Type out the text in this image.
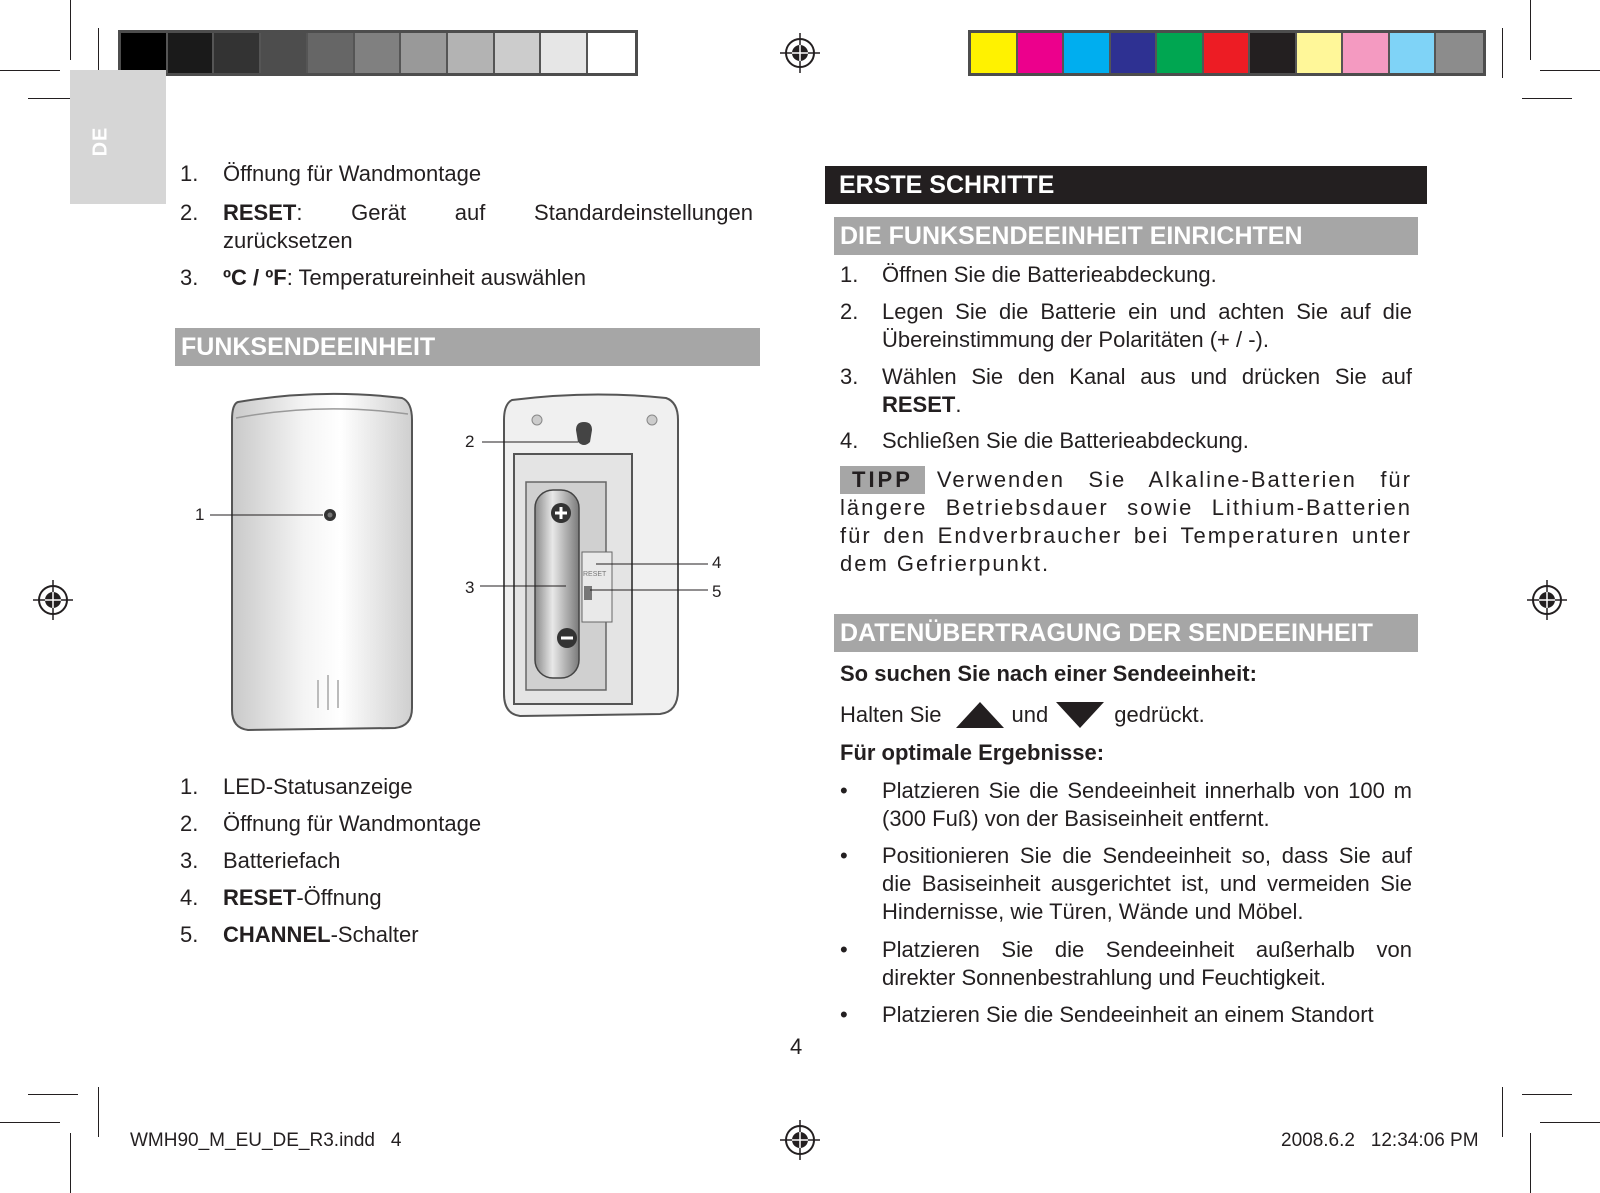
DE
1.	Öffnung für Wandmontage
2.	RESET: Gerät auf Standardeinstellungen zurücksetzen
3.	ºC / ºF: Temperatureinheit auswählen
FUNKSENDEEINHEIT
RESET
1
2
3
4
5
1.	LED-Statusanzeige
2.	Öffnung für Wandmontage
3.	Batteriefach
4.	RESET-Öffnung
5.	CHANNEL-Schalter
ERSTE SCHRITTE
DIE FUNKSENDEEINHEIT EINRICHTEN
1.	Öffnen Sie die Batterieabdeckung.
2.	Legen Sie die Batterie ein und achten Sie auf die Übereinstimmung der Polaritäten (+ / -).
3.	Wählen Sie den Kanal aus und drücken Sie auf RESET.
4.	Schließen Sie die Batterieabdeckung.
TIPP Verwenden Sie Alkaline-Batterien für längere Betriebsdauer sowie Lithium-Batterien für den Endverbraucher bei Temperaturen unter dem Gefrierpunkt.
DATENÜBERTRAGUNG DER SENDEEINHEIT
So suchen Sie nach einer Sendeeinheit:
Halten Sie	und	gedrückt.
Für optimale Ergebnisse:
• Platzieren Sie die Sendeeinheit innerhalb von 100 m (300 Fuß) von der Basiseinheit entfernt.
• Positionieren Sie die Sendeeinheit so, dass Sie auf die Basiseinheit ausgerichtet ist, und vermeiden Sie Hindernisse, wie Türen, Wände und Möbel.
• Platzieren Sie die Sendeeinheit außerhalb von direkter Sonnenbestrahlung und Feuchtigkeit.
• Platzieren Sie die Sendeeinheit an einem Standort
4
WMH90_M_EU_DE_R3.indd   4	2008.6.2   12:34:06 PM
